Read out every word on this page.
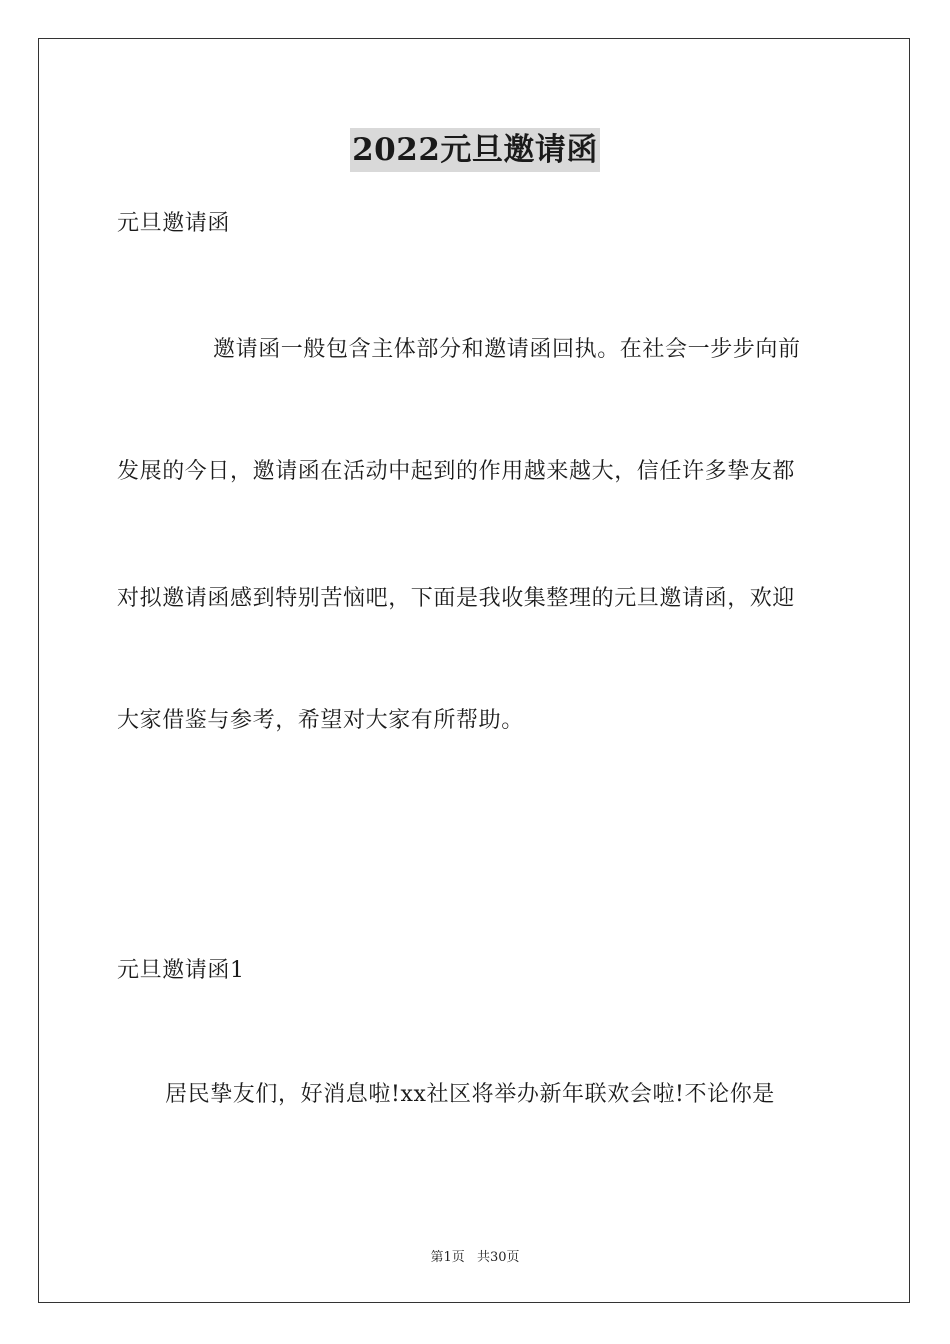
2022元旦邀请函
元旦邀请函
邀请函一般包含主体部分和邀请函回执。在社会一步步向前
发展的今日，邀请函在活动中起到的作用越来越大，信任许多挚友都
对拟邀请函感到特别苦恼吧，下面是我收集整理的元旦邀请函，欢迎
大家借鉴与参考，希望对大家有所帮助。
元旦邀请函1
居民挚友们，好消息啦!xx社区将举办新年联欢会啦!不论你是
第1页 共30页
